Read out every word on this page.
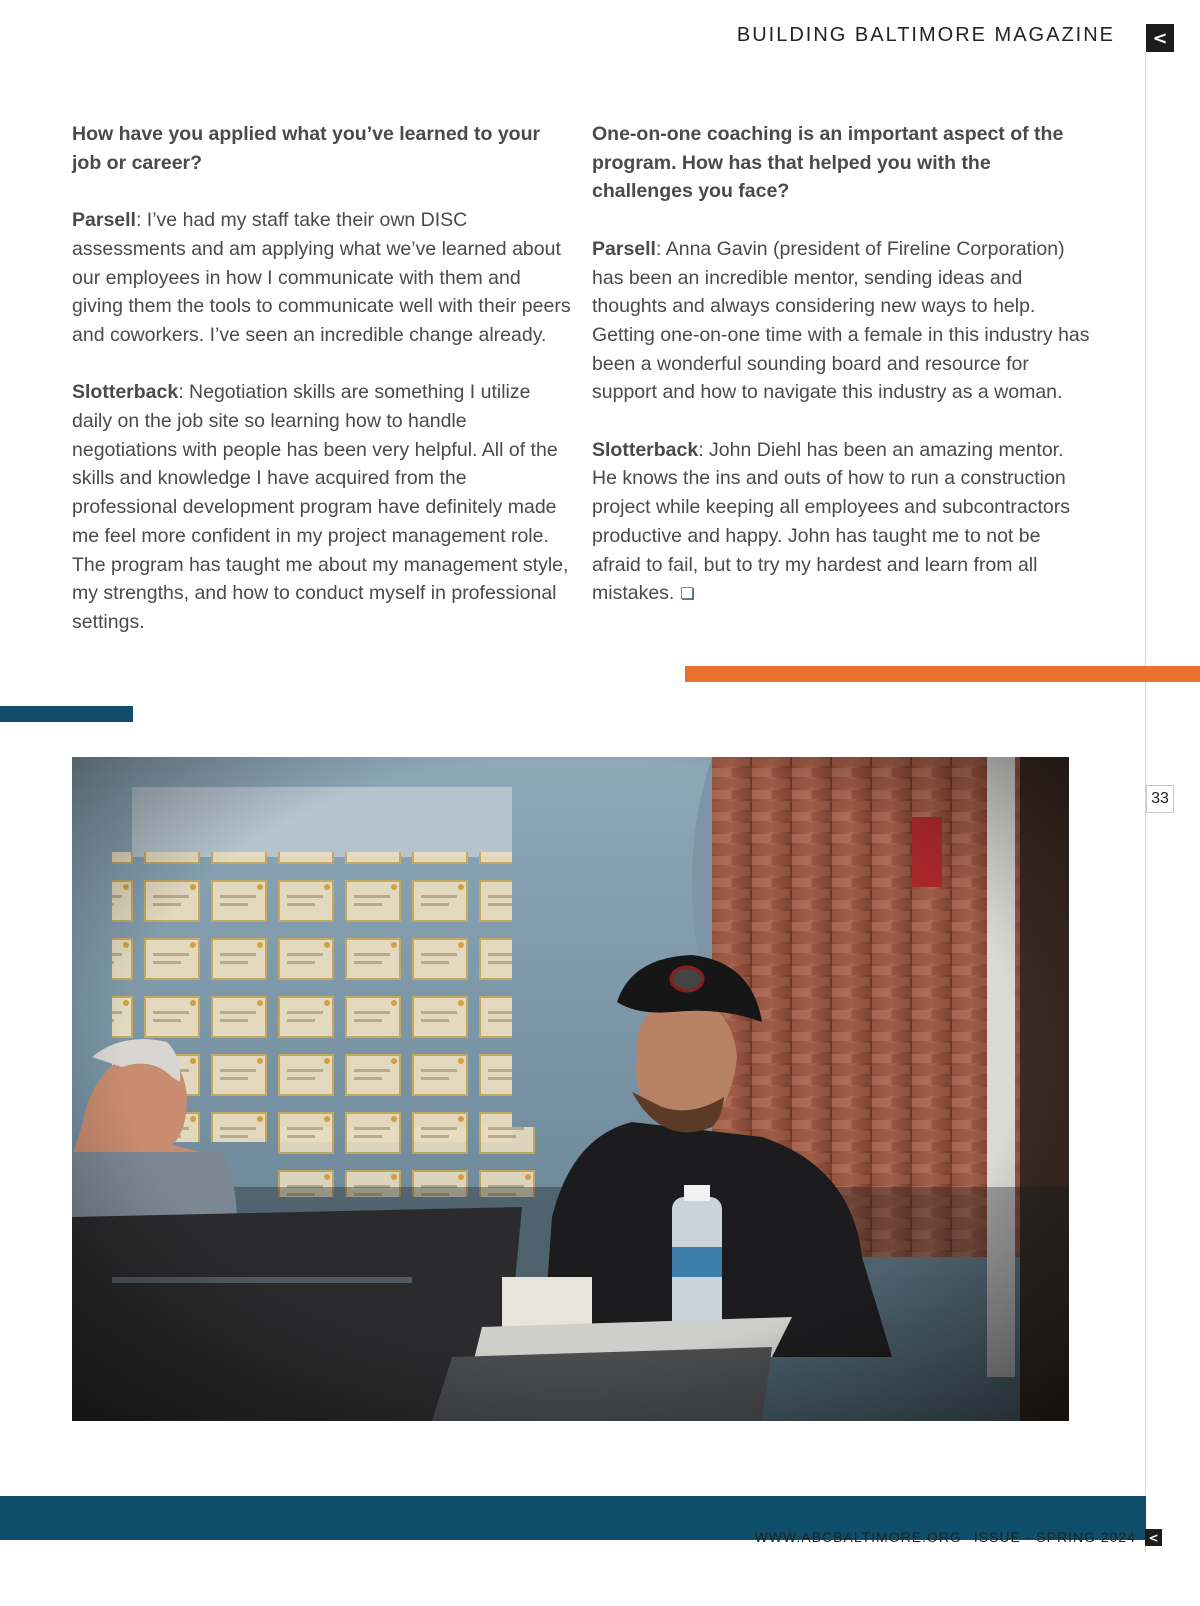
BUILDING BALTIMORE MAGAZINE	<
33

How have you applied what you’ve learned to your job or career?

Parsell: I’ve had my staff take their own DISC assessments and am applying what we’ve learned about our employees in how I communicate with them and giving them the tools to communicate well with their peers and coworkers. I’ve seen an incredible change already.

Slotterback: Negotiation skills are something I utilize daily on the job site so learning how to handle negotiations with people has been very helpful. All of the skills and knowledge I have acquired from the professional development program have definitely made me feel more confident in my project management role. The program has taught me about my management style, my strengths, and how to conduct myself in professional settings.

One-on-one coaching is an important aspect of the program. How has that helped you with the challenges you face?

Parsell: Anna Gavin (president of Fireline Corporation) has been an incredible mentor, sending ideas and thoughts and always considering new ways to help. Getting one-on-one time with a female in this industry has been a wonderful sounding board and resource for support and how to navigate this industry as a woman.

Slotterback: John Diehl has been an amazing mentor. He knows the ins and outs of how to run a construction project while keeping all employees and subcontractors productive and happy. John has taught me to not be afraid to fail, but to try my hardest and learn from all mistakes. ❏

WWW.ABCBALTIMORE.ORG ISSUE - SPRING 2024 <
